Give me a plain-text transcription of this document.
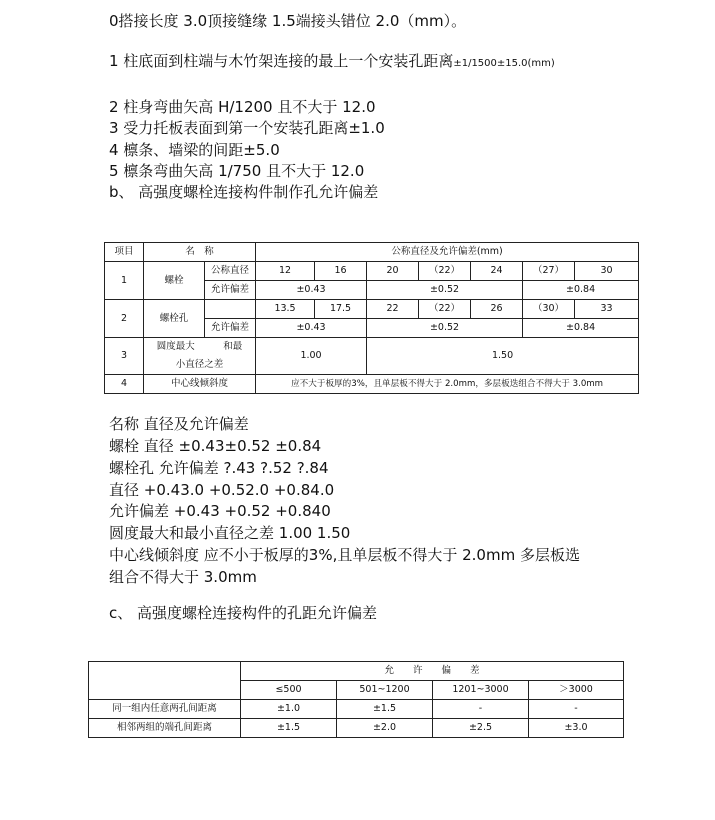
0搭接长度 3.0顶接缝缘 1.5端接头错位 2.0（mm）。
1 柱底面到柱端与木竹架连接的最上一个安装孔距离±1/1500±15.0(mm)
2 柱身弯曲矢高 H/1200 且不大于 12.0
3 受力托板表面到第一个安装孔距离±1.0
4 檩条、墙梁的间距±5.0
5 檩条弯曲矢高 1/750 且不大于 12.0
b、 高强度螺栓连接构件制作孔允许偏差
项目	名　称		公称直径及允许偏差(mm)						
1	螺栓	公称直径	12	16	20	（22）	24	（27）	30
		允许偏差	±0.43		±0.52			±0.84	
2	螺栓孔		13.5	17.5	22	（22）	26	（30）	33
		允许偏差	±0.43		±0.52			±0.84	
3	圆度最大　　　和最		1.00		1.50				
	小直径之差								
4	中心线倾斜度		应不大于板厚的3%，且单层板不得大于 2.0mm，多层板迭组合不得大于 3.0mm						
名称 直径及允许偏差
螺栓 直径 ±0.43±0.52 ±0.84
螺栓孔 允许偏差 ?.43 ?.52 ?.84
直径 +0.43.0 +0.52.0 +0.84.0
允许偏差 +0.43 +0.52 +0.840
圆度最大和最小直径之差 1.00 1.50
中心线倾斜度 应不小于板厚的3%,且单层板不得大于 2.0mm 多层板选
组合不得大于 3.0mm
c、 高强度螺栓连接构件的孔距允许偏差
	允　　许　　偏　　差			
	≤500	501~1200	1201~3000	＞3000
同一组内任意两孔间距离	±1.0	±1.5	-	-
相邻两组的端孔间距离	±1.5	±2.0	±2.5	±3.0
